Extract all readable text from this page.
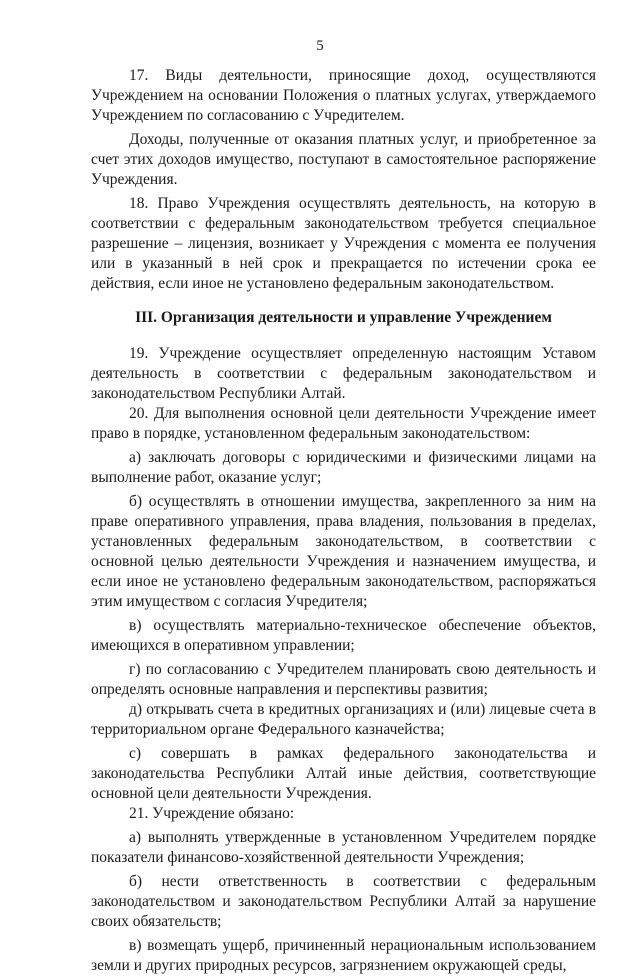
5

17. Виды деятельности, приносящие доход, осуществляются Учреждением на основании Положения о платных услугах, утверждаемого Учреждением по согласованию с Учредителем.

Доходы, полученные от оказания платных услуг, и приобретенное за счет этих доходов имущество, поступают в самостоятельное распоряжение Учреждения.

18. Право Учреждения осуществлять деятельность, на которую в соответствии с федеральным законодательством требуется специальное разрешение – лицензия, возникает у Учреждения с момента ее получения или в указанный в ней срок и прекращается по истечении срока ее действия, если иное не установлено федеральным законодательством.

III. Организация деятельности и управление Учреждением

19. Учреждение осуществляет определенную настоящим Уставом деятельность в соответствии с федеральным законодательством и законодательством Республики Алтай.

20. Для выполнения основной цели деятельности Учреждение имеет право в порядке, установленном федеральным законодательством:

а) заключать договоры с юридическими и физическими лицами на выполнение работ, оказание услуг;

б) осуществлять в отношении имущества, закрепленного за ним на праве оперативного управления, права владения, пользования в пределах, установленных федеральным законодательством, в соответствии с основной целью деятельности Учреждения и назначением имущества, и если иное не установлено федеральным законодательством, распоряжаться этим имуществом с согласия Учредителя;

в) осуществлять материально-техническое обеспечение объектов, имеющихся в оперативном управлении;

г) по согласованию с Учредителем планировать свою деятельность и определять основные направления и перспективы развития;

д) открывать счета в кредитных организациях и (или) лицевые счета в территориальном органе Федерального казначейства;

с) совершать в рамках федерального законодательства и законодательства Республики Алтай иные действия, соответствующие основной цели деятельности Учреждения.

21. Учреждение обязано:

а) выполнять утвержденные в установленном Учредителем порядке показатели финансово-хозяйственной деятельности Учреждения;

б) нести ответственность в соответствии с федеральным законодательством и законодательством Республики Алтай за нарушение своих обязательств;

в) возмещать ущерб, причиненный нерациональным использованием земли и других природных ресурсов, загрязнением окружающей среды,
